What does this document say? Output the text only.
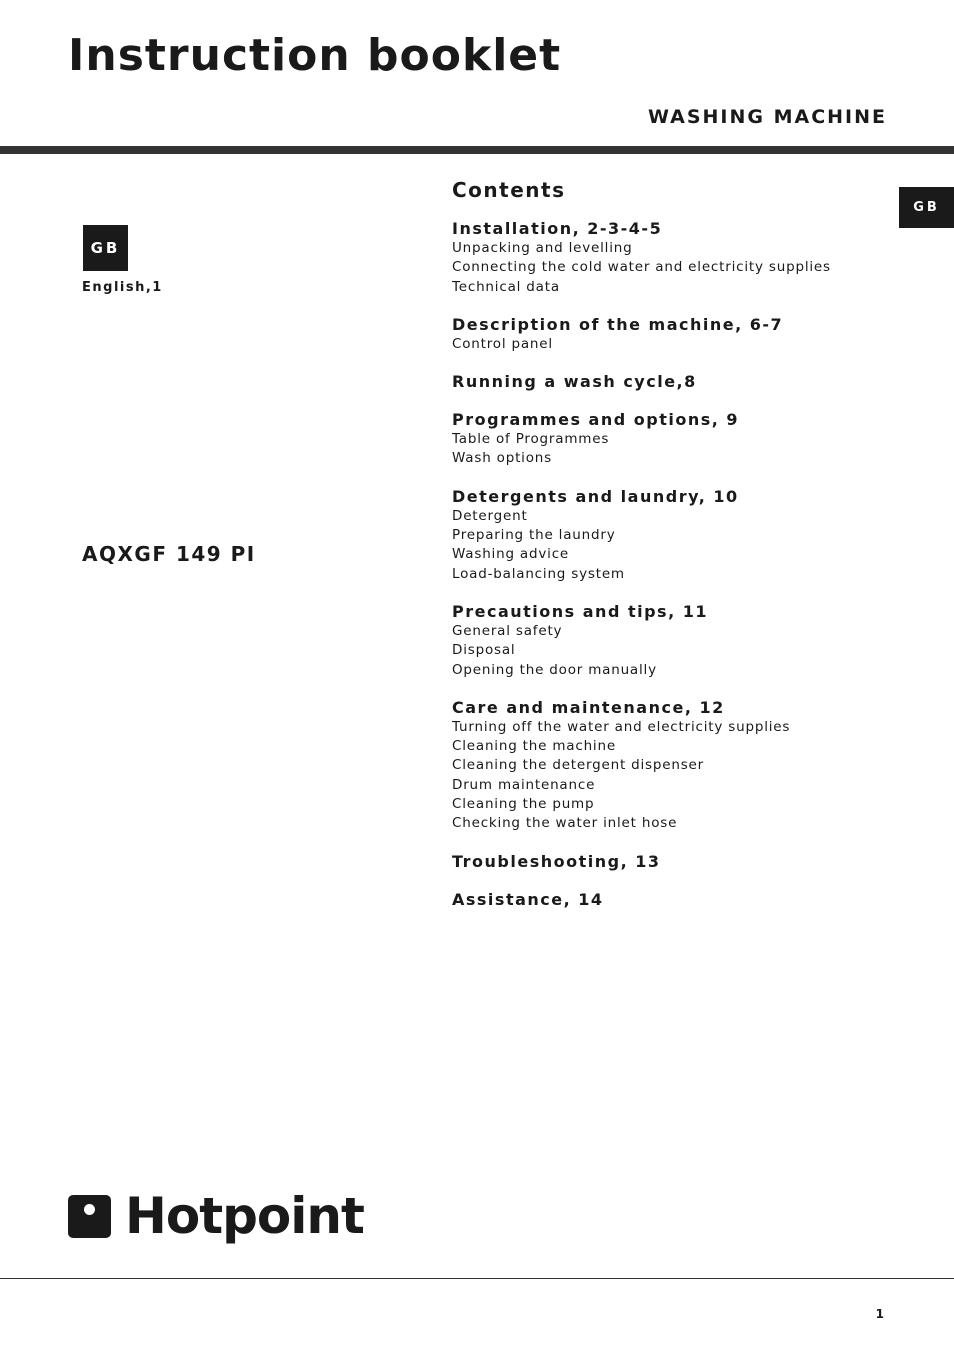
Instruction booklet
WASHING MACHINE
GB
English,1
AQXGF 149 PI
GB
Contents
Installation, 2-3-4-5
Unpacking and levelling
Connecting the cold water and electricity supplies
Technical data
Description of the machine, 6-7
Control panel
Running a wash cycle,8
Programmes and options, 9
Table of Programmes
Wash options
Detergents and laundry, 10
Detergent
Preparing the laundry
Washing advice
Load-balancing system
Precautions and tips, 11
General safety
Disposal
Opening the door manually
Care and maintenance, 12
Turning off the water and electricity supplies
Cleaning the machine
Cleaning the detergent dispenser
Drum maintenance
Cleaning the pump
Checking the water inlet hose
Troubleshooting, 13
Assistance, 14
Hotpoint
1
